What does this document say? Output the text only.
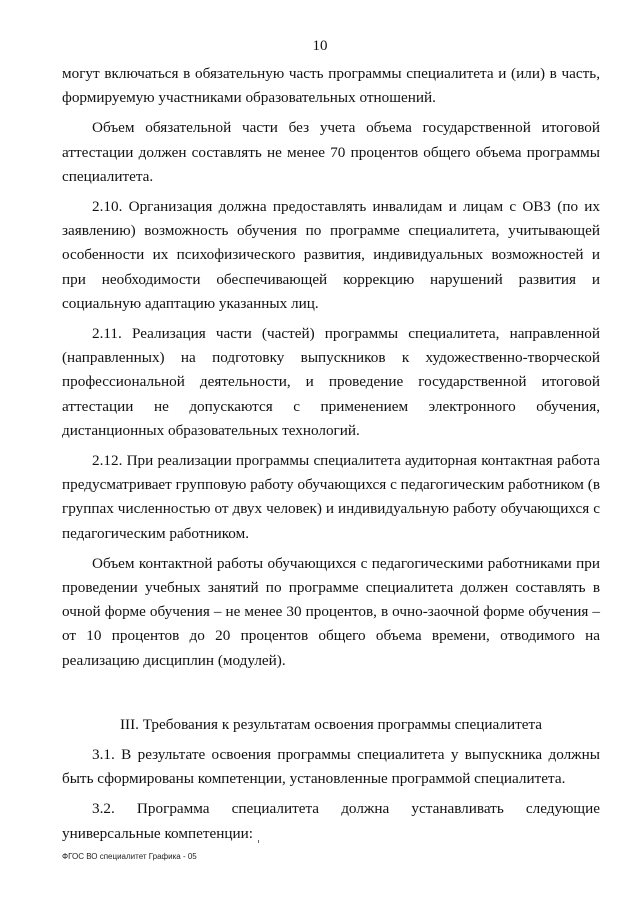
10

могут включаться в обязательную часть программы специалитета и (или) в часть, формируемую участниками образовательных отношений.

Объем обязательной части без учета объема государственной итоговой аттестации должен составлять не менее 70 процентов общего объема программы специалитета.

2.10. Организация должна предоставлять инвалидам и лицам с ОВЗ (по их заявлению) возможность обучения по программе специалитета, учитывающей особенности их психофизического развития, индивидуальных возможностей и при необходимости обеспечивающей коррекцию нарушений развития и социальную адаптацию указанных лиц.

2.11. Реализация части (частей) программы специалитета, направленной (направленных) на подготовку выпускников к художественно-творческой профессиональной деятельности, и проведение государственной итоговой аттестации не допускаются с применением электронного обучения, дистанционных образовательных технологий.

2.12. При реализации программы специалитета аудиторная контактная работа предусматривает групповую работу обучающихся с педагогическим работником (в группах численностью от двух человек) и индивидуальную работу обучающихся с педагогическим работником.

Объем контактной работы обучающихся с педагогическими работниками при проведении учебных занятий по программе специалитета должен составлять в очной форме обучения – не менее 30 процентов, в очно-заочной форме обучения – от 10 процентов до 20 процентов общего объема времени, отводимого на реализацию дисциплин (модулей).

III. Требования к результатам освоения программы специалитета

3.1. В результате освоения программы специалитета у выпускника должны быть сформированы компетенции, установленные программой специалитета.

3.2. Программа специалитета должна устанавливать следующие универсальные компетенции:

ФГОС ВО специалитет Графика - 05
